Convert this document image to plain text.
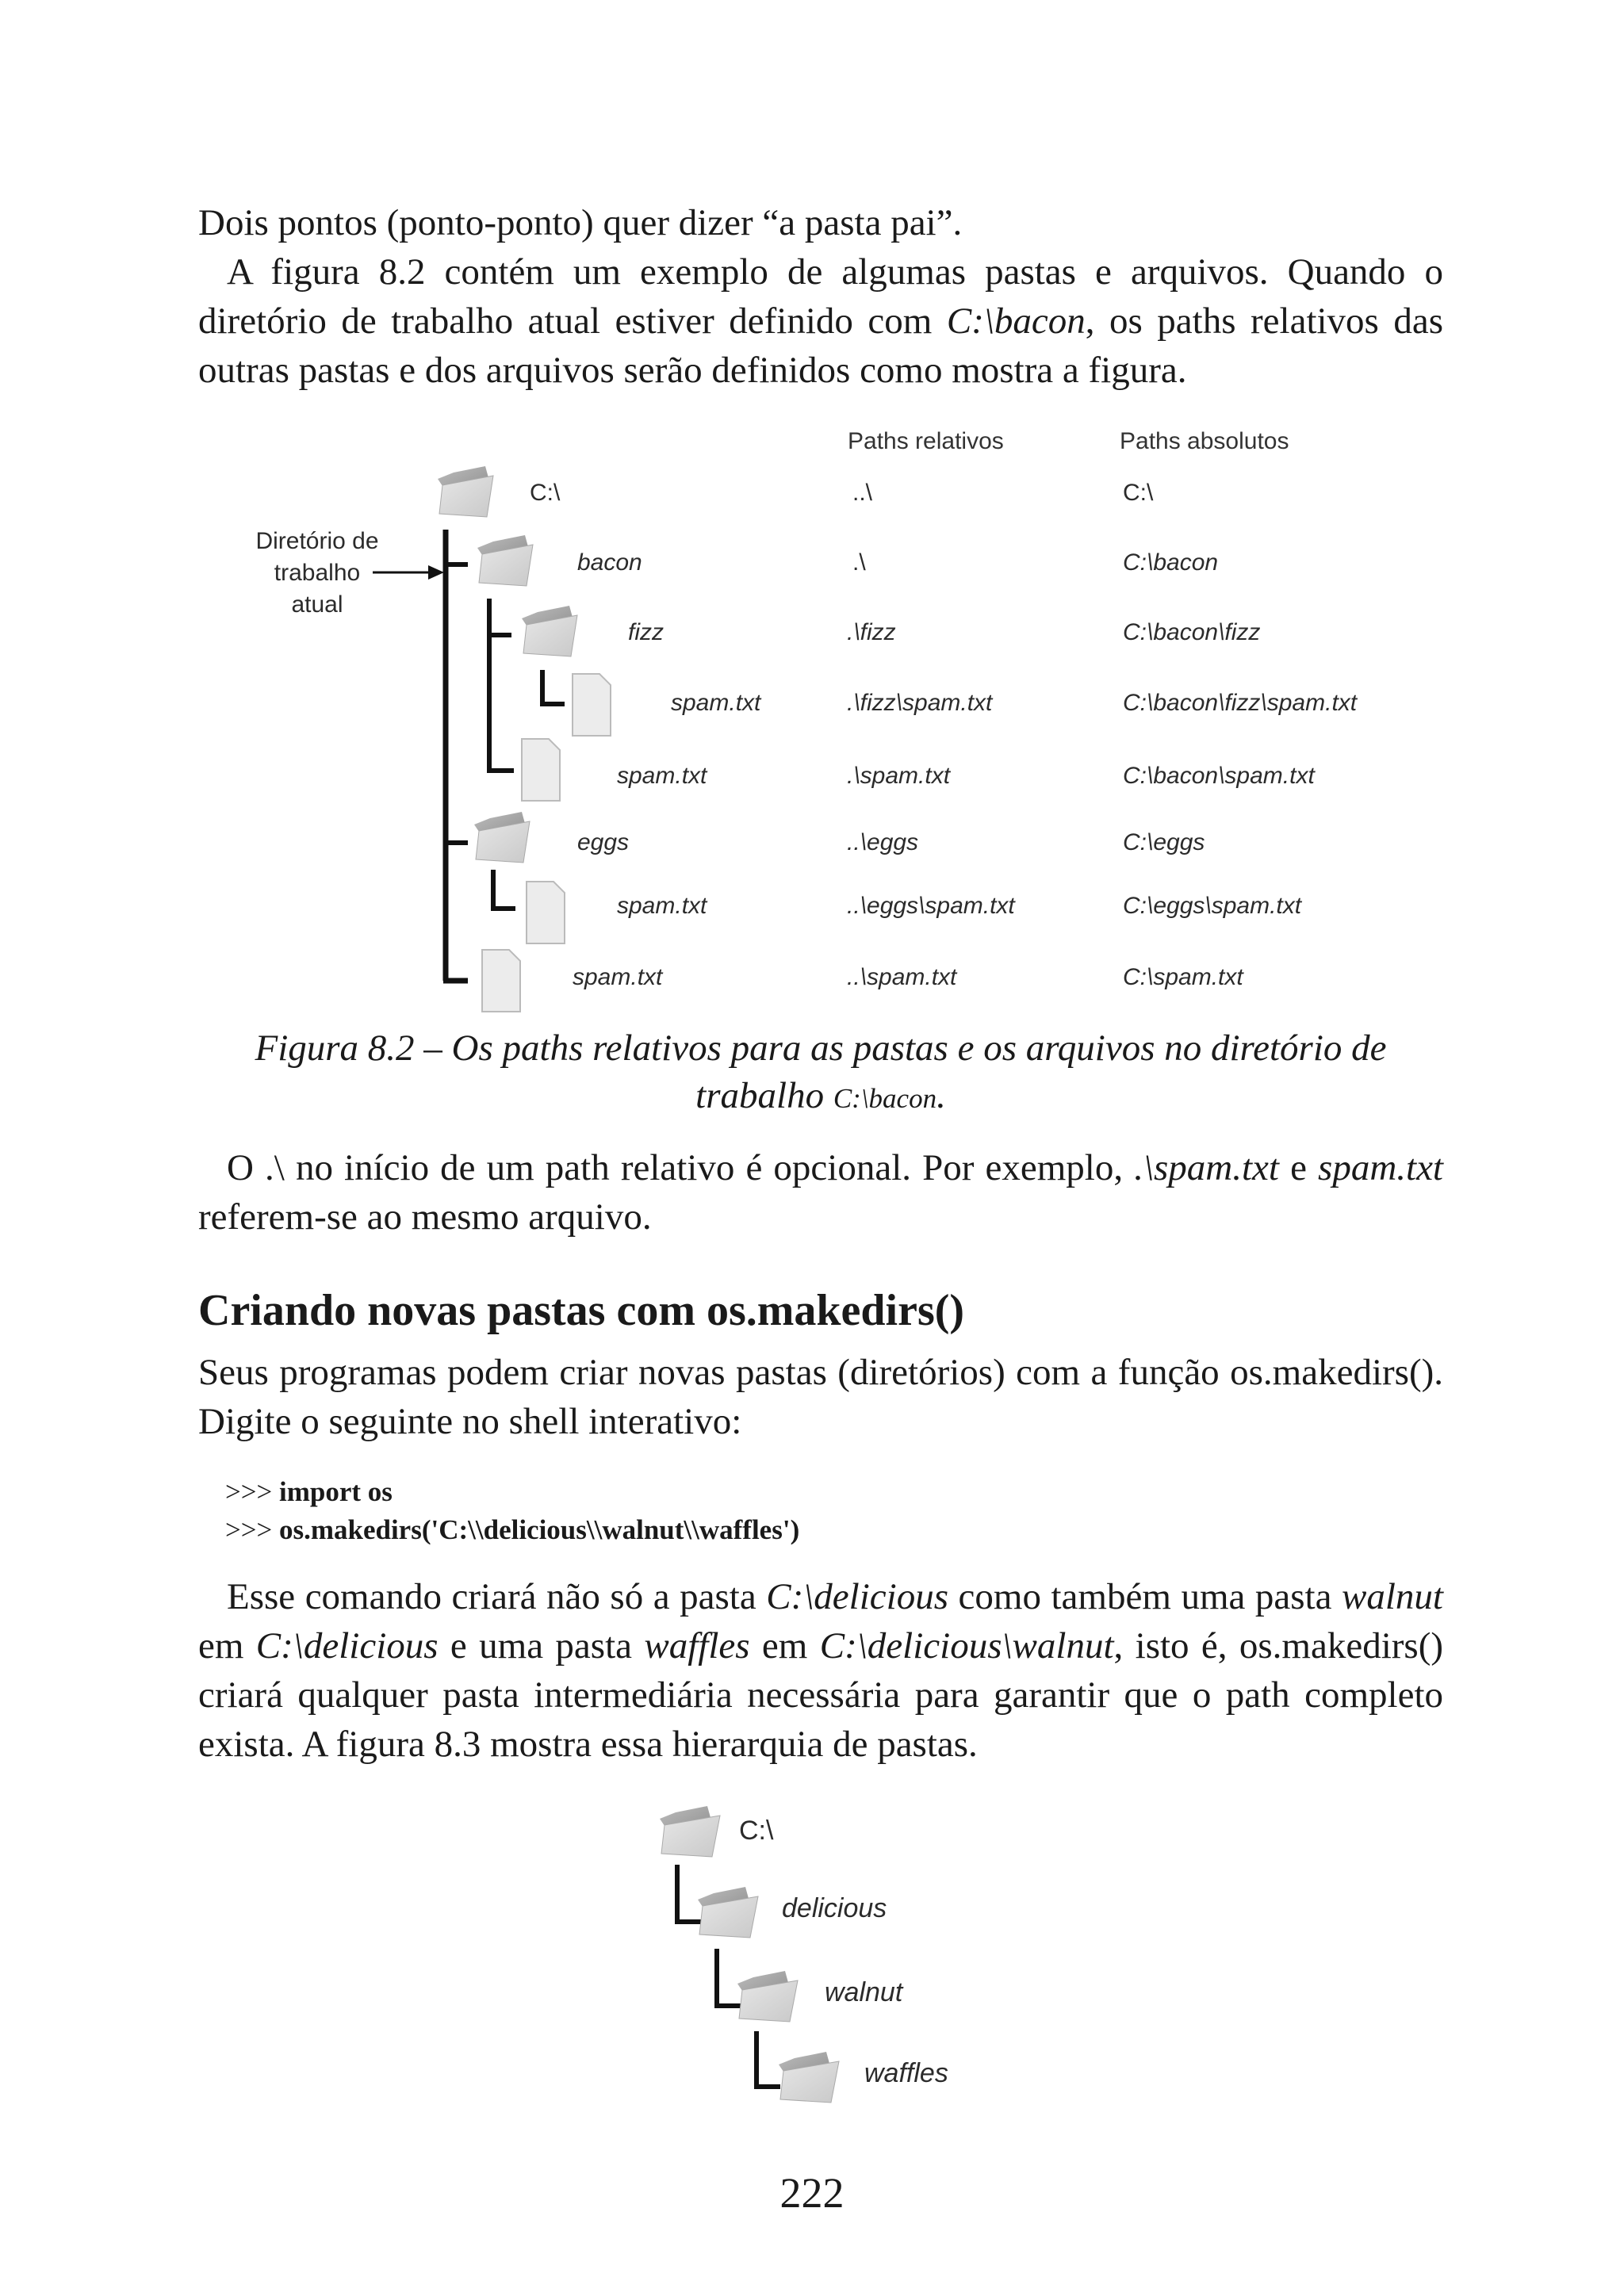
Dois pontos (ponto-ponto) quer dizer “a pasta pai”.
A figura 8.2 contém um exemplo de algumas pastas e arquivos. Quando o diretório de trabalho atual estiver definido com C:\bacon, os paths relativos das outras pastas e dos arquivos serão definidos como mostra a figura.
Paths relativos	Paths absolutos
Diretório de
trabalho
atual
C:\
bacon
fizz
spam.txt
spam.txt
eggs
spam.txt
spam.txt
..\
.\
.\fizz
.\fizz\spam.txt
.\spam.txt
..\eggs
..\eggs\spam.txt
..\spam.txt
C:\
C:\bacon
C:\bacon\fizz
C:\bacon\fizz\spam.txt
C:\bacon\spam.txt
C:\eggs
C:\eggs\spam.txt
C:\spam.txt
Figura 8.2 – Os paths relativos para as pastas e os arquivos no diretório de
trabalho C:\bacon.
O .\ no início de um path relativo é opcional. Por exemplo, .\spam.txt e spam.txt referem-se ao mesmo arquivo.
Criando novas pastas com os.makedirs()
Seus programas podem criar novas pastas (diretórios) com a função os.makedirs(). Digite o seguinte no shell interativo:
>>> import os
>>> os.makedirs('C:\\delicious\\walnut\\waffles')
Esse comando criará não só a pasta C:\delicious como também uma pasta walnut em C:\delicious e uma pasta waffles em C:\delicious\walnut, isto é, os.makedirs() criará qualquer pasta intermediária necessária para garantir que o path completo exista. A figura 8.3 mostra essa hierarquia de pastas.
C:\
delicious
walnut
waffles
222
